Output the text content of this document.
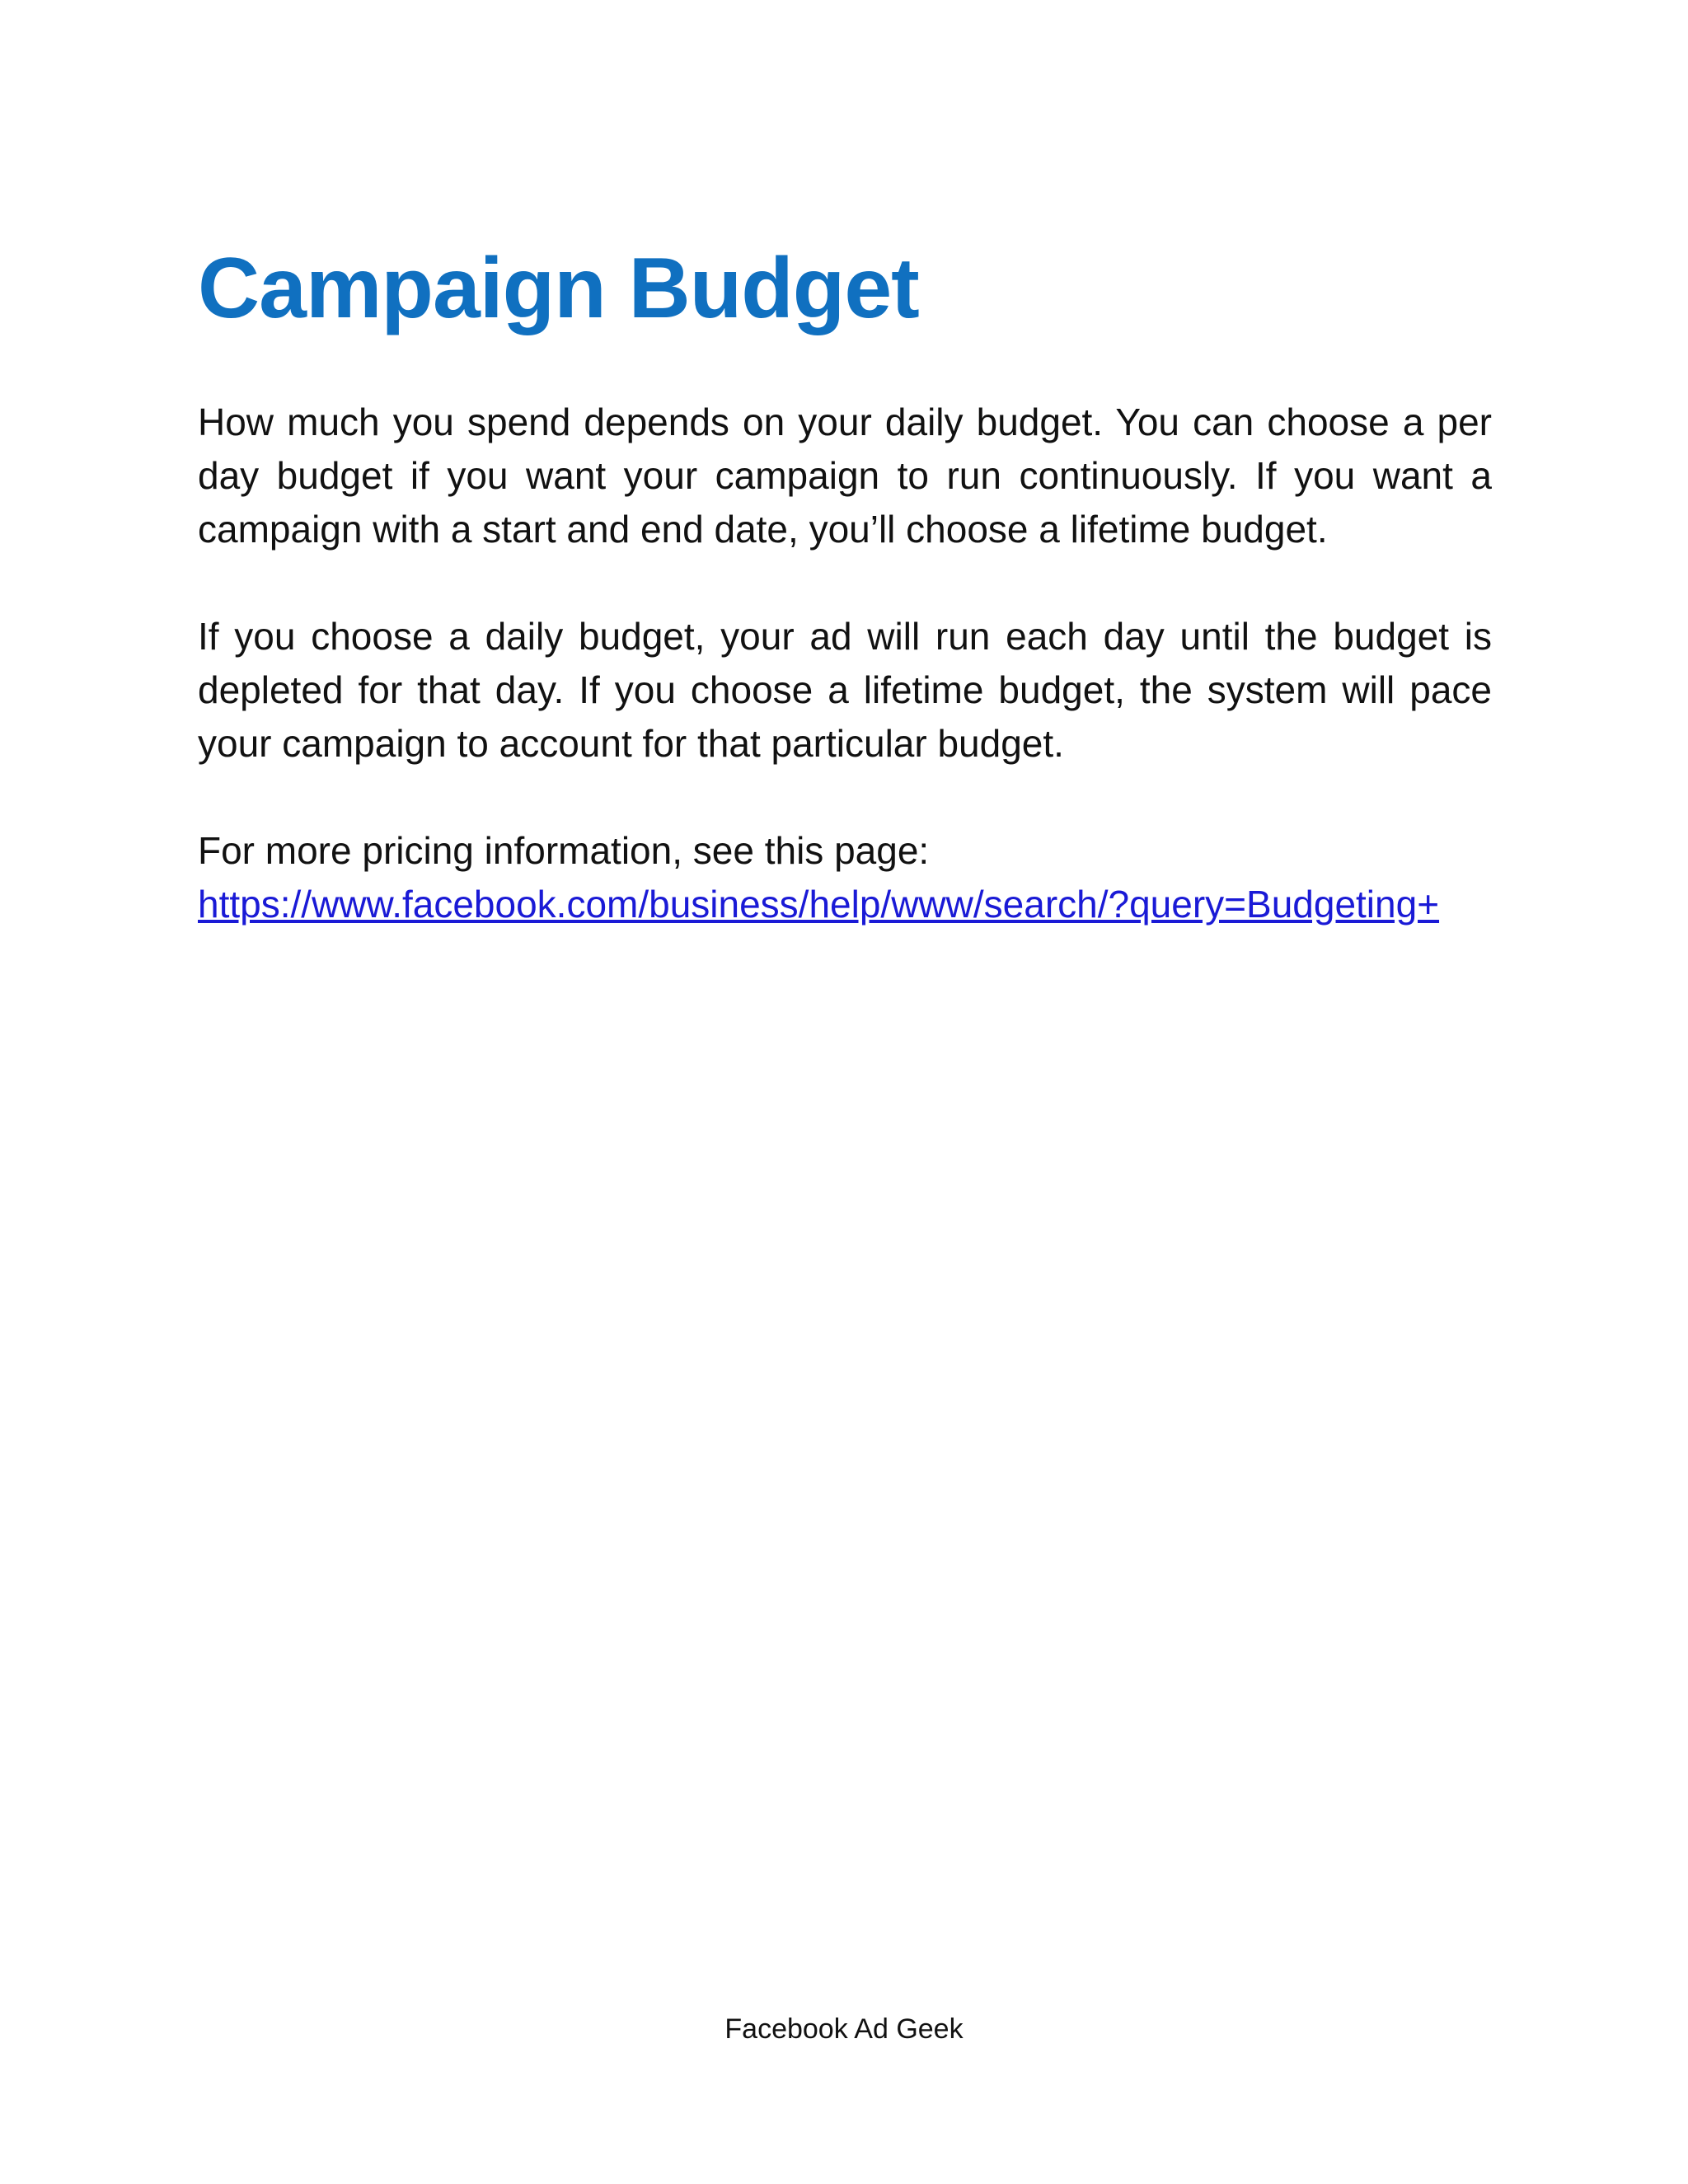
Campaign Budget

How much you spend depends on your daily budget. You can choose a per day budget if you want your campaign to run continuously. If you want a campaign with a start and end date, you’ll choose a lifetime budget.

If you choose a daily budget, your ad will run each day until the budget is depleted for that day. If you choose a lifetime budget, the system will pace your campaign to account for that particular budget.

For more pricing information, see this page:

https://www.facebook.com/business/help/www/search/?query=Budgeting+
Facebook Ad Geek
